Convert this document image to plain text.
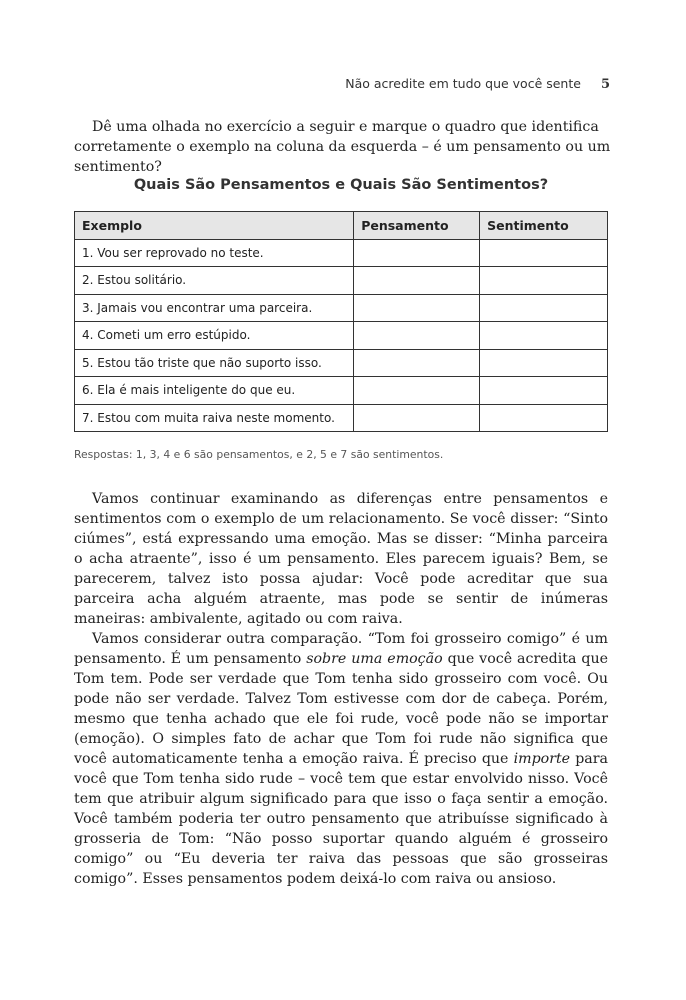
Não acredite em tudo que você sente 5

Dê uma olhada no exercício a seguir e marque o quadro que identifica corretamente o exemplo na coluna da esquerda – é um pensamento ou um sentimento?

Quais São Pensamentos e Quais São Sentimentos?
Exemplo	Pensamento	Sentimento
1. Vou ser reprovado no teste.		
2. Estou solitário.		
3. Jamais vou encontrar uma parceira.		
4. Cometi um erro estúpido.		
5. Estou tão triste que não suporto isso.		
6. Ela é mais inteligente do que eu.		
7. Estou com muita raiva neste momento.		

Respostas: 1, 3, 4 e 6 são pensamentos, e 2, 5 e 7 são sentimentos.

Vamos continuar examinando as diferenças entre pensamentos e sentimentos com o exemplo de um relacionamento. Se você disser: “Sinto ciúmes”, está expressando uma emoção. Mas se disser: “Minha parceira o acha atraente”, isso é um pensamento. Eles parecem iguais? Bem, se parecerem, talvez isto possa ajudar: Você pode acreditar que sua parceira acha alguém atraente, mas pode se sentir de inúmeras maneiras: ambivalente, agitado ou com raiva.

Vamos considerar outra comparação. “Tom foi grosseiro comigo” é um pensamento. É um pensamento sobre uma emoção que você acredita que Tom tem. Pode ser verdade que Tom tenha sido grosseiro com você. Ou pode não ser verdade. Talvez Tom estivesse com dor de cabeça. Porém, mesmo que tenha achado que ele foi rude, você pode não se importar (emoção). O simples fato de achar que Tom foi rude não significa que você automaticamente tenha a emoção raiva. É preciso que importe para você que Tom tenha sido rude – você tem que estar envolvido nisso. Você tem que atribuir algum significado para que isso o faça sentir a emoção. Você também poderia ter outro pensamento que atribuísse significado à grosseria de Tom: “Não posso suportar quando alguém é grosseiro comigo” ou “Eu deveria ter raiva das pessoas que são grosseiras comigo”. Esses pensamentos podem deixá-lo com raiva ou ansioso.
